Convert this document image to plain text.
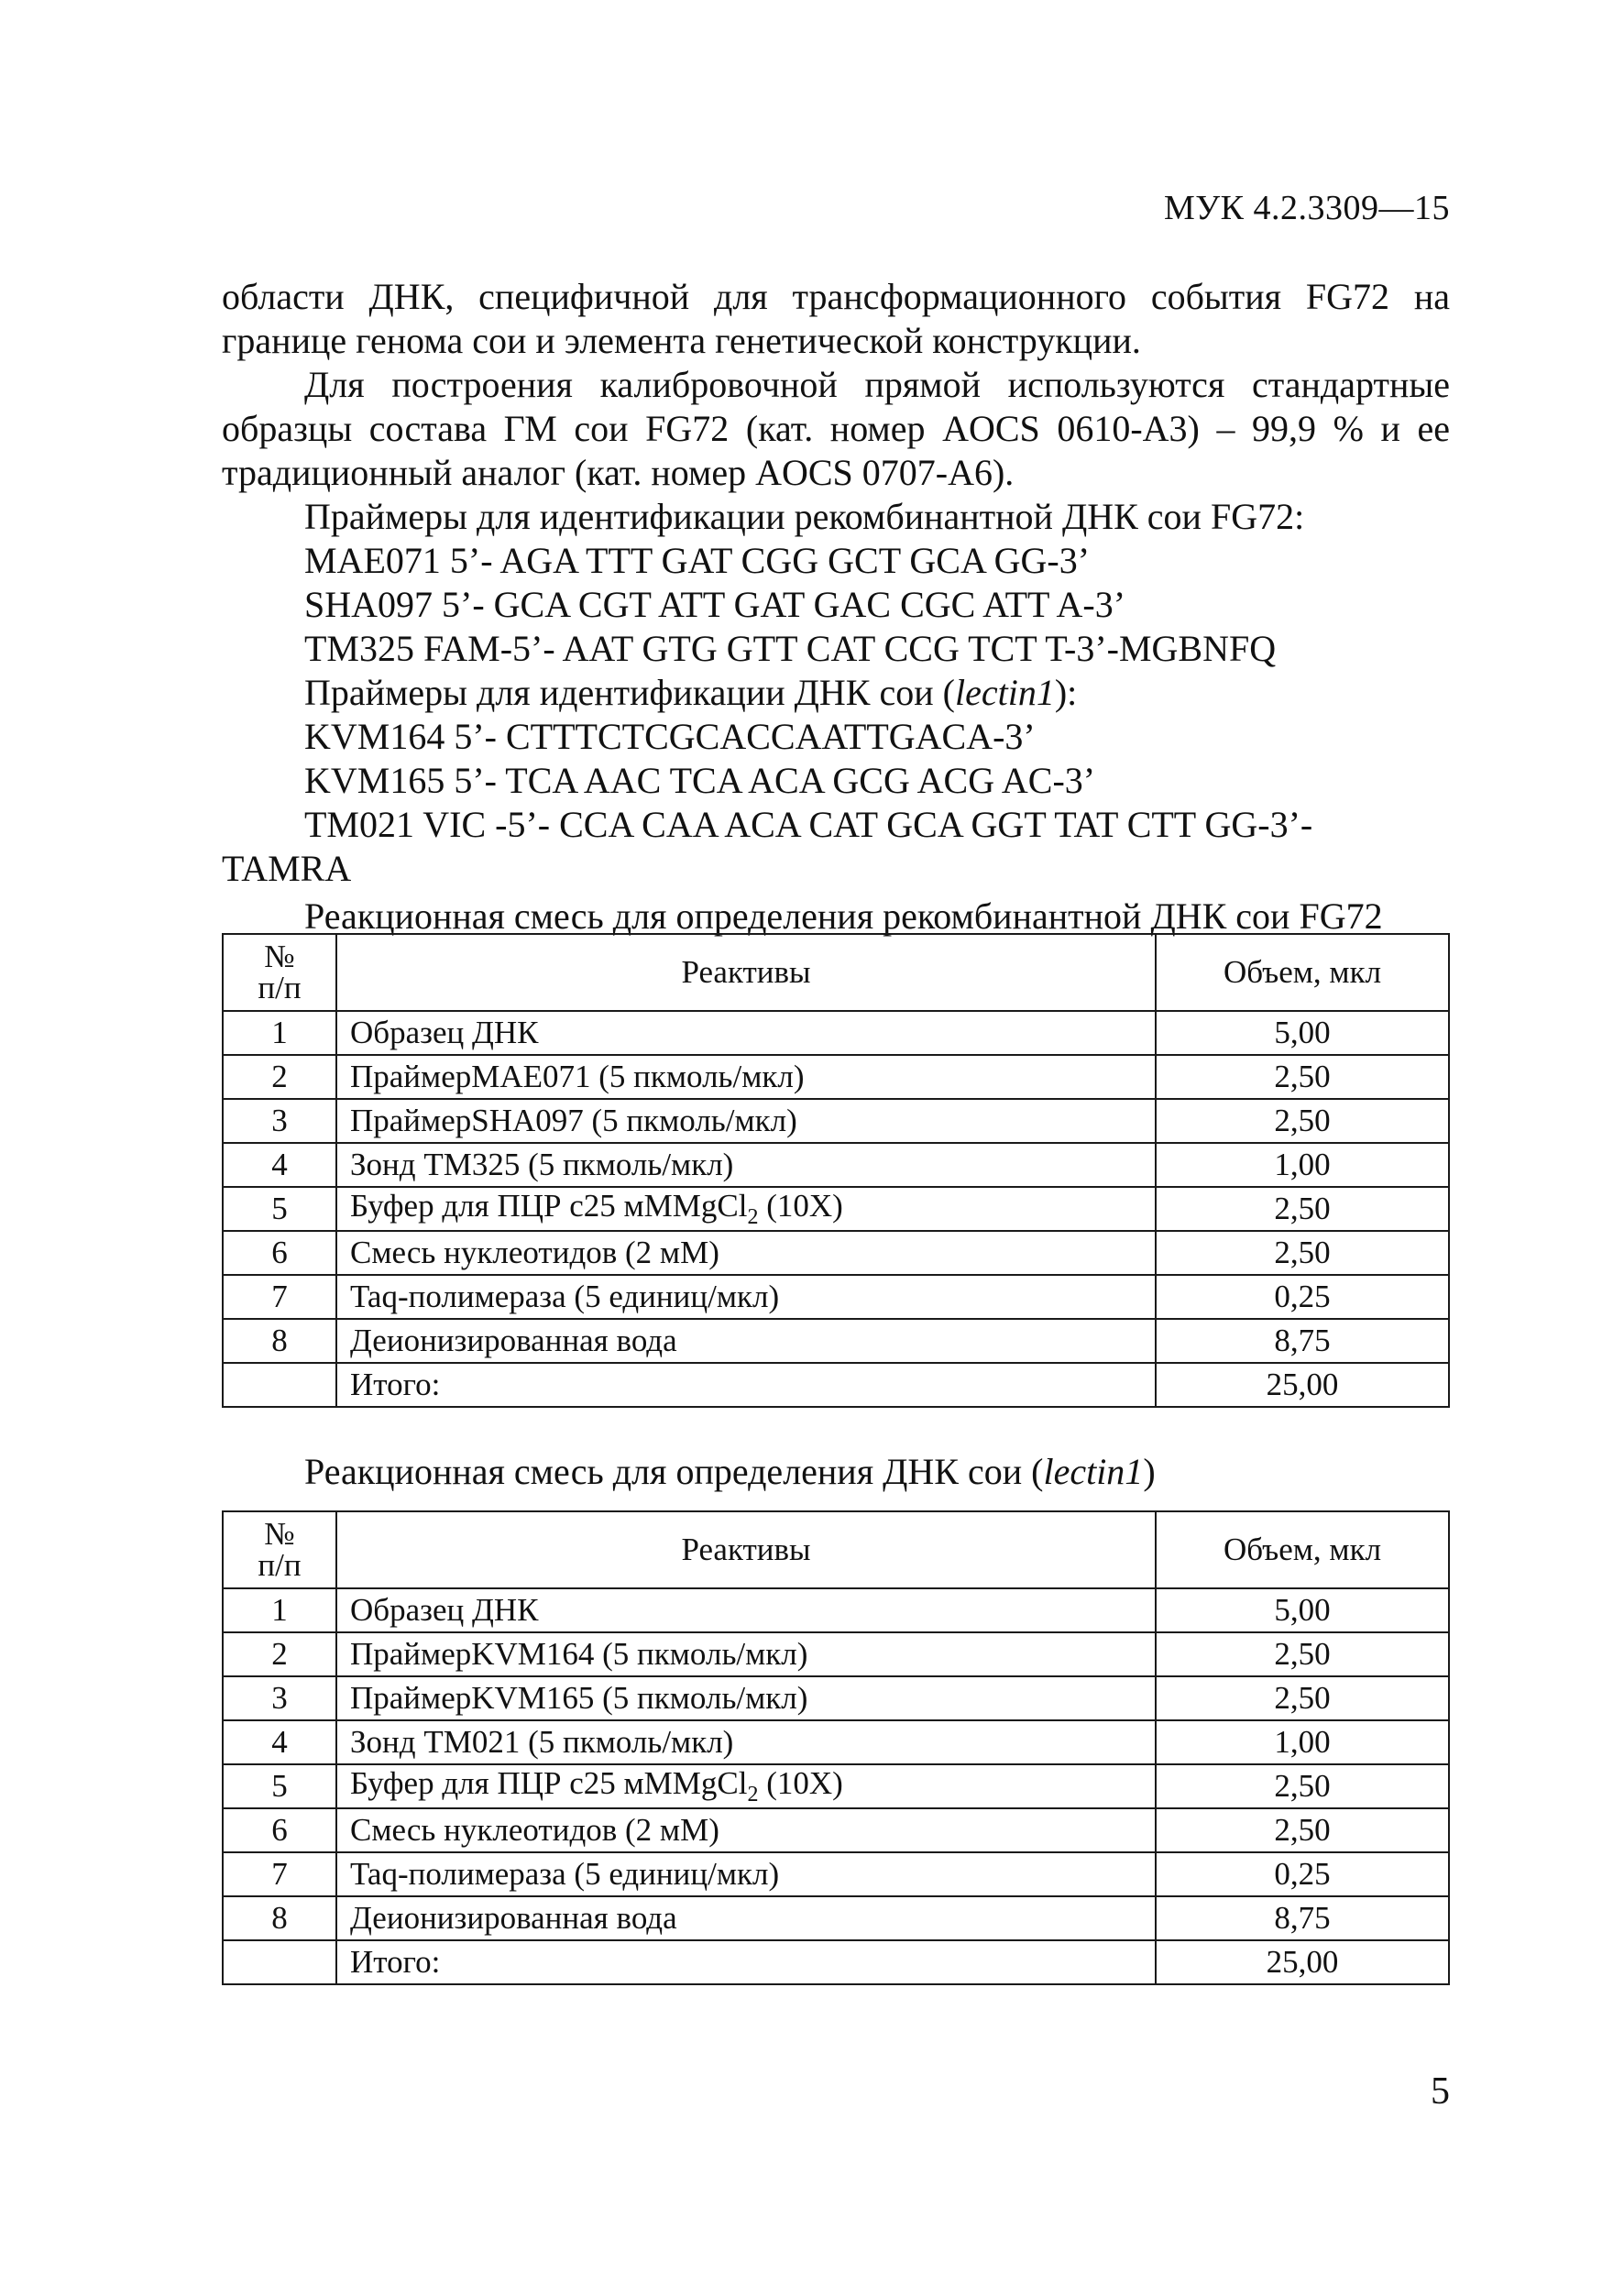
МУК 4.2.3309—15

области ДНК, специфичной для трансформационного события FG72 на границе генома сои и элемента генетической конструкции.

Для построения калибровочной прямой используются стандартные образцы состава ГМ сои FG72 (кат. номер AOCS 0610-A3) – 99,9 % и ее традиционный аналог (кат. номер AOCS 0707-A6).

Праймеры для идентификации рекомбинантной ДНК сои FG72:

MAE071 5’- AGA TTT GAT CGG GCT GCA GG-3’

SHA097 5’- GCA CGT ATT GAT GAC CGC ATT A-3’

TM325 FAM-5’- AAT GTG GTT CAT CCG TCT T-3’-MGBNFQ

Праймеры для идентификации ДНК сои (lectin1):

KVM164 5’- CTTTCTCGCACCAATTGACA-3’

KVM165 5’- TCA AAC TCA ACA GCG ACG AC-3’

TM021 VIC -5’- CCA CAA ACA CAT GCA GGT TAT CTT GG-3’-

TAMRA

Реакционная смесь для определения рекомбинантной ДНК сои FG72

№
п/п	Реактивы	Объем, мкл
1	Образец ДНК	5,00
2	ПраймерMAE071 (5 пкмоль/мкл)	2,50
3	ПраймерSHA097 (5 пкмоль/мкл)	2,50
4	Зонд TM325 (5 пкмоль/мкл)	1,00
5	Буфер для ПЦР с25 мММgCl$_2$ (10Х)	2,50
6	Смесь нуклеотидов (2 мМ)	2,50
7	Taq-полимераза (5 единиц/мкл)	0,25
8	Деионизированная вода	8,75
	Итого:	25,00
Реакционная смесь для определения ДНК сои (lectin1)
№
п/п	Реактивы	Объем, мкл
1	Образец ДНК	5,00
2	ПраймерKVM164 (5 пкмоль/мкл)	2,50
3	ПраймерKVM165 (5 пкмоль/мкл)	2,50
4	Зонд TM021 (5 пкмоль/мкл)	1,00
5	Буфер для ПЦР с25 мММgCl$_2$ (10Х)	2,50
6	Смесь нуклеотидов (2 мМ)	2,50
7	Taq-полимераза (5 единиц/мкл)	0,25
8	Деионизированная вода	8,75
	Итого:	25,00
5
